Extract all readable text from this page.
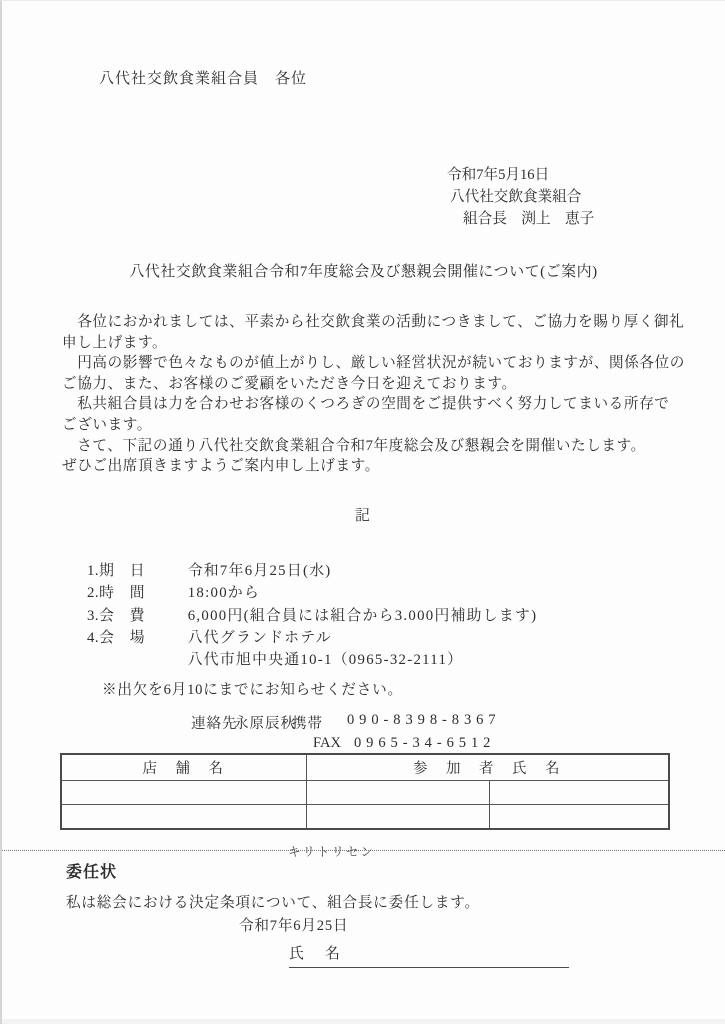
八代社交飲食業組合員　各位
令和7年5月16日
八代社交飲食業組合
組合長　渕上　恵子
八代社交飲食業組合令和7年度総会及び懇親会開催について(ご案内)
　各位におかれましては、平素から社交飲食業の活動につきまして、ご協力を賜り厚く御礼
申し上げます。
　円高の影響で色々なものが値上がりし、厳しい経営状況が続いておりますが、関係各位の
ご協力、また、お客様のご愛顧をいただき今日を迎えております。
　私共組合員は力を合わせお客様のくつろぎの空間をご提供すべく努力してまいる所存で
ございます。
　さて、下記の通り八代社交飲食業組合令和7年度総会及び懇親会を開催いたします。
ぜひご出席頂きますようご案内申し上げます。
記
1.期　日	令和7年6月25日(水)
2.時　間	18:00から
3.会　費	6,000円(組合員には組合から3.000円補助します)
4.会　場	八代グランドホテル
八代市旭中央通10-1（0965-32-2111）
※出欠を6月10にまでにお知らせください。
連絡先
永原辰秋
携帯 090-8398-8367
FAX 0965-34-6512
店　舗　名	参　加　者　氏　名	

キリトリセン
委任状
私は総会における決定条項について、組合長に委任します。
令和7年6月25日
氏　名
